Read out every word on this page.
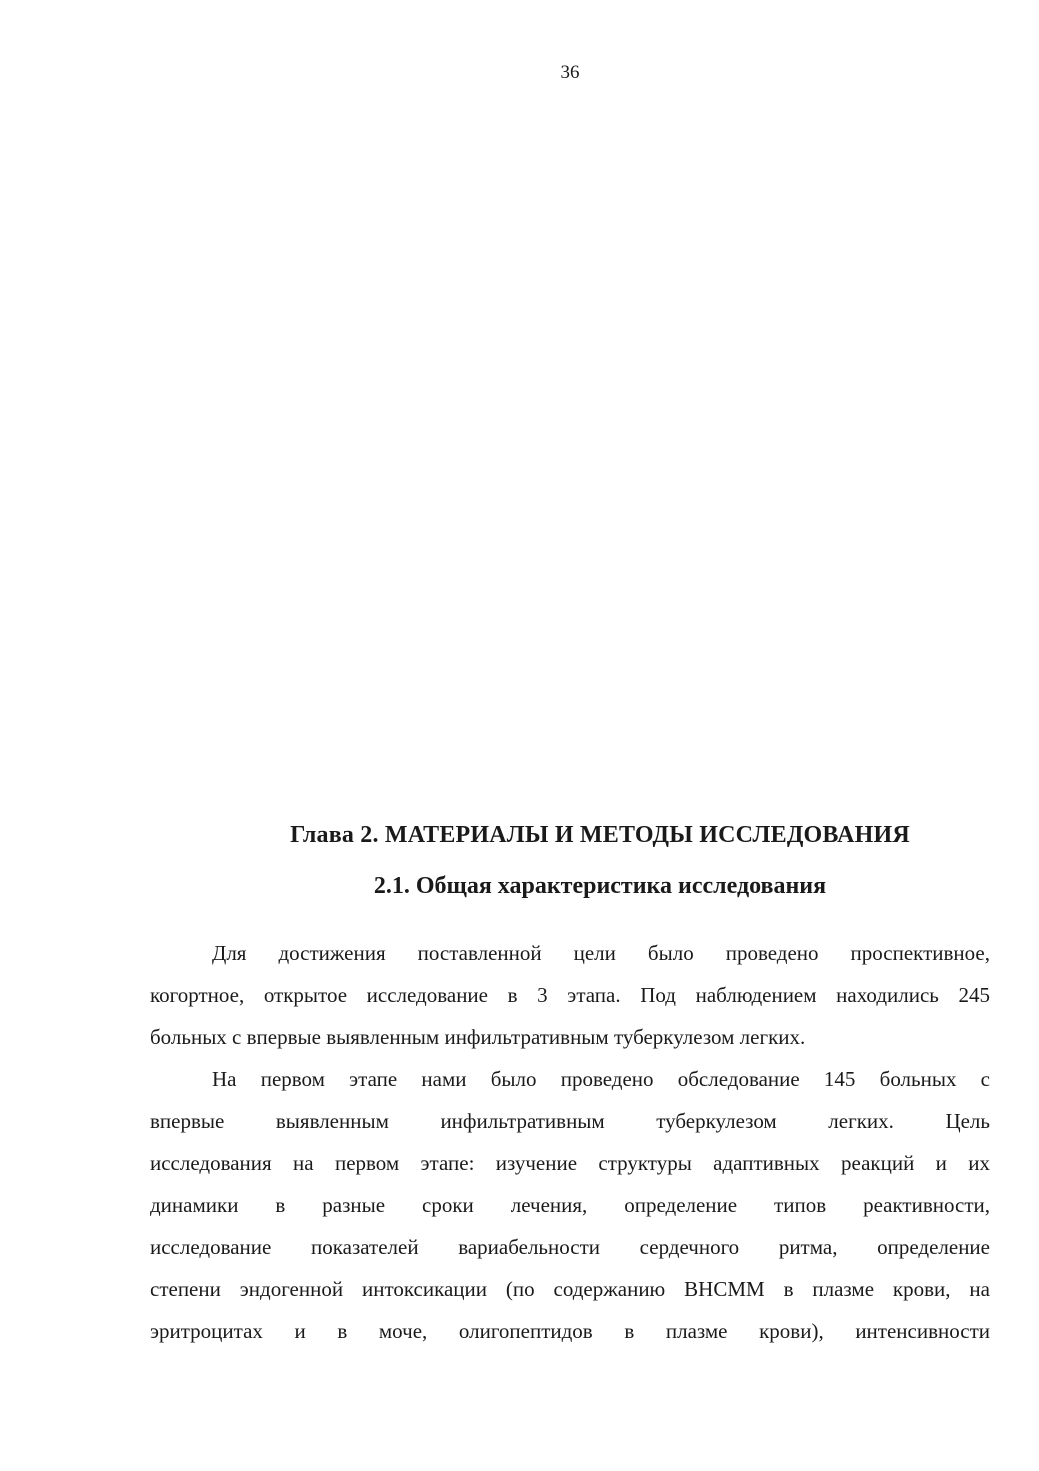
36
Глава 2. МАТЕРИАЛЫ И МЕТОДЫ ИССЛЕДОВАНИЯ
2.1. Общая характеристика исследования
Для достижения поставленной цели было проведено проспективное,
когортное, открытое исследование в 3 этапа. Под наблюдением находились 245
больных с впервые выявленным инфильтративным туберкулезом легких.
На первом этапе нами было проведено обследование 145 больных с
впервые выявленным инфильтративным туберкулезом легких. Цель
исследования на первом этапе: изучение структуры адаптивных реакций и их
динамики в разные сроки лечения, определение типов реактивности,
исследование показателей вариабельности сердечного ритма, определение
степени эндогенной интоксикации (по содержанию ВНСММ в плазме крови, на
эритроцитах и в моче, олигопептидов в плазме крови), интенсивности
